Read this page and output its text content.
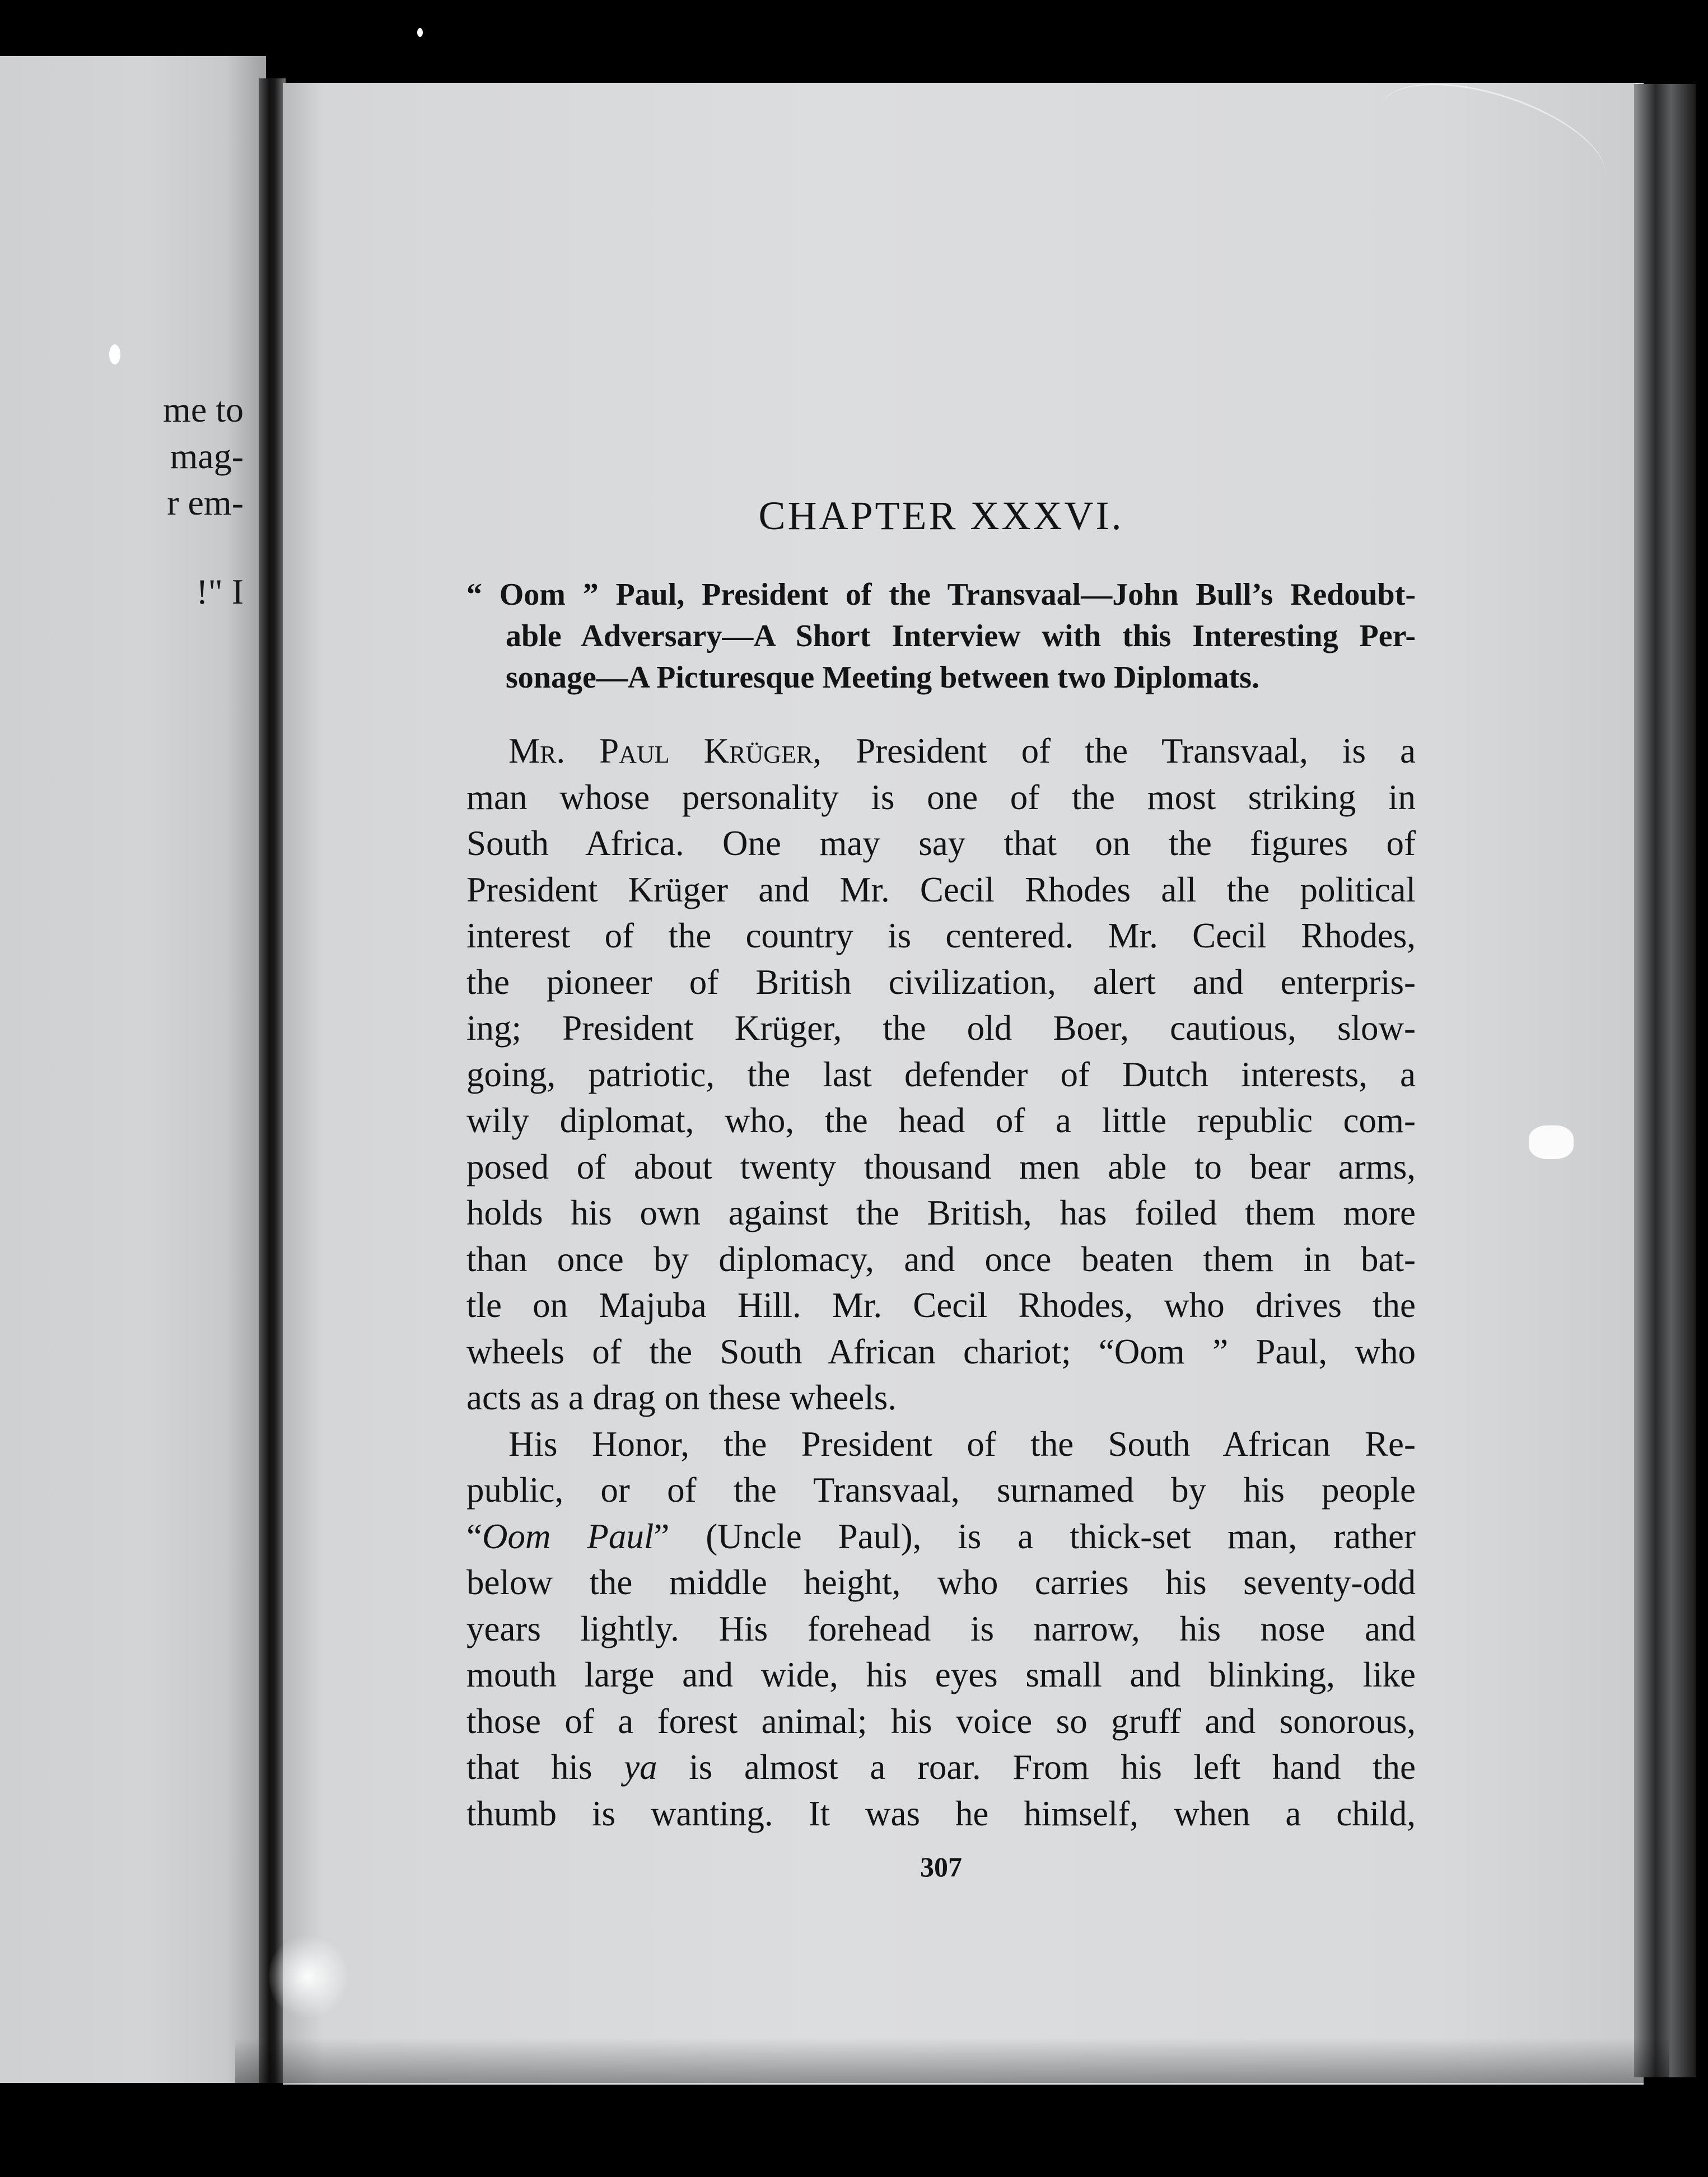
me to
mag-
r em-
!" I
CHAPTER XXXVI.
“ Oom ” Paul, President of the Transvaal—John Bull’s Redoubt-
able Adversary—A Short Interview with this Interesting Per-
sonage—A Picturesque Meeting between two Diplomats.
Mr. Paul Krüger, President of the Transvaal, is a
man whose personality is one of the most striking in
South Africa. One may say that on the figures of
President Krüger and Mr. Cecil Rhodes all the political
interest of the country is centered. Mr. Cecil Rhodes,
the pioneer of British civilization, alert and enterpris-
ing; President Krüger, the old Boer, cautious, slow-
going, patriotic, the last defender of Dutch interests, a
wily diplomat, who, the head of a little republic com-
posed of about twenty thousand men able to bear arms,
holds his own against the British, has foiled them more
than once by diplomacy, and once beaten them in bat-
tle on Majuba Hill. Mr. Cecil Rhodes, who drives the
wheels of the South African chariot; “Oom ” Paul, who
acts as a drag on these wheels.
His Honor, the President of the South African Re-
public, or of the Transvaal, surnamed by his people
“Oom Paul” (Uncle Paul), is a thick-set man, rather
below the middle height, who carries his seventy-odd
years lightly. His forehead is narrow, his nose and
mouth large and wide, his eyes small and blinking, like
those of a forest animal; his voice so gruff and sonorous,
that his ya is almost a roar. From his left hand the
thumb is wanting. It was he himself, when a child,
307
